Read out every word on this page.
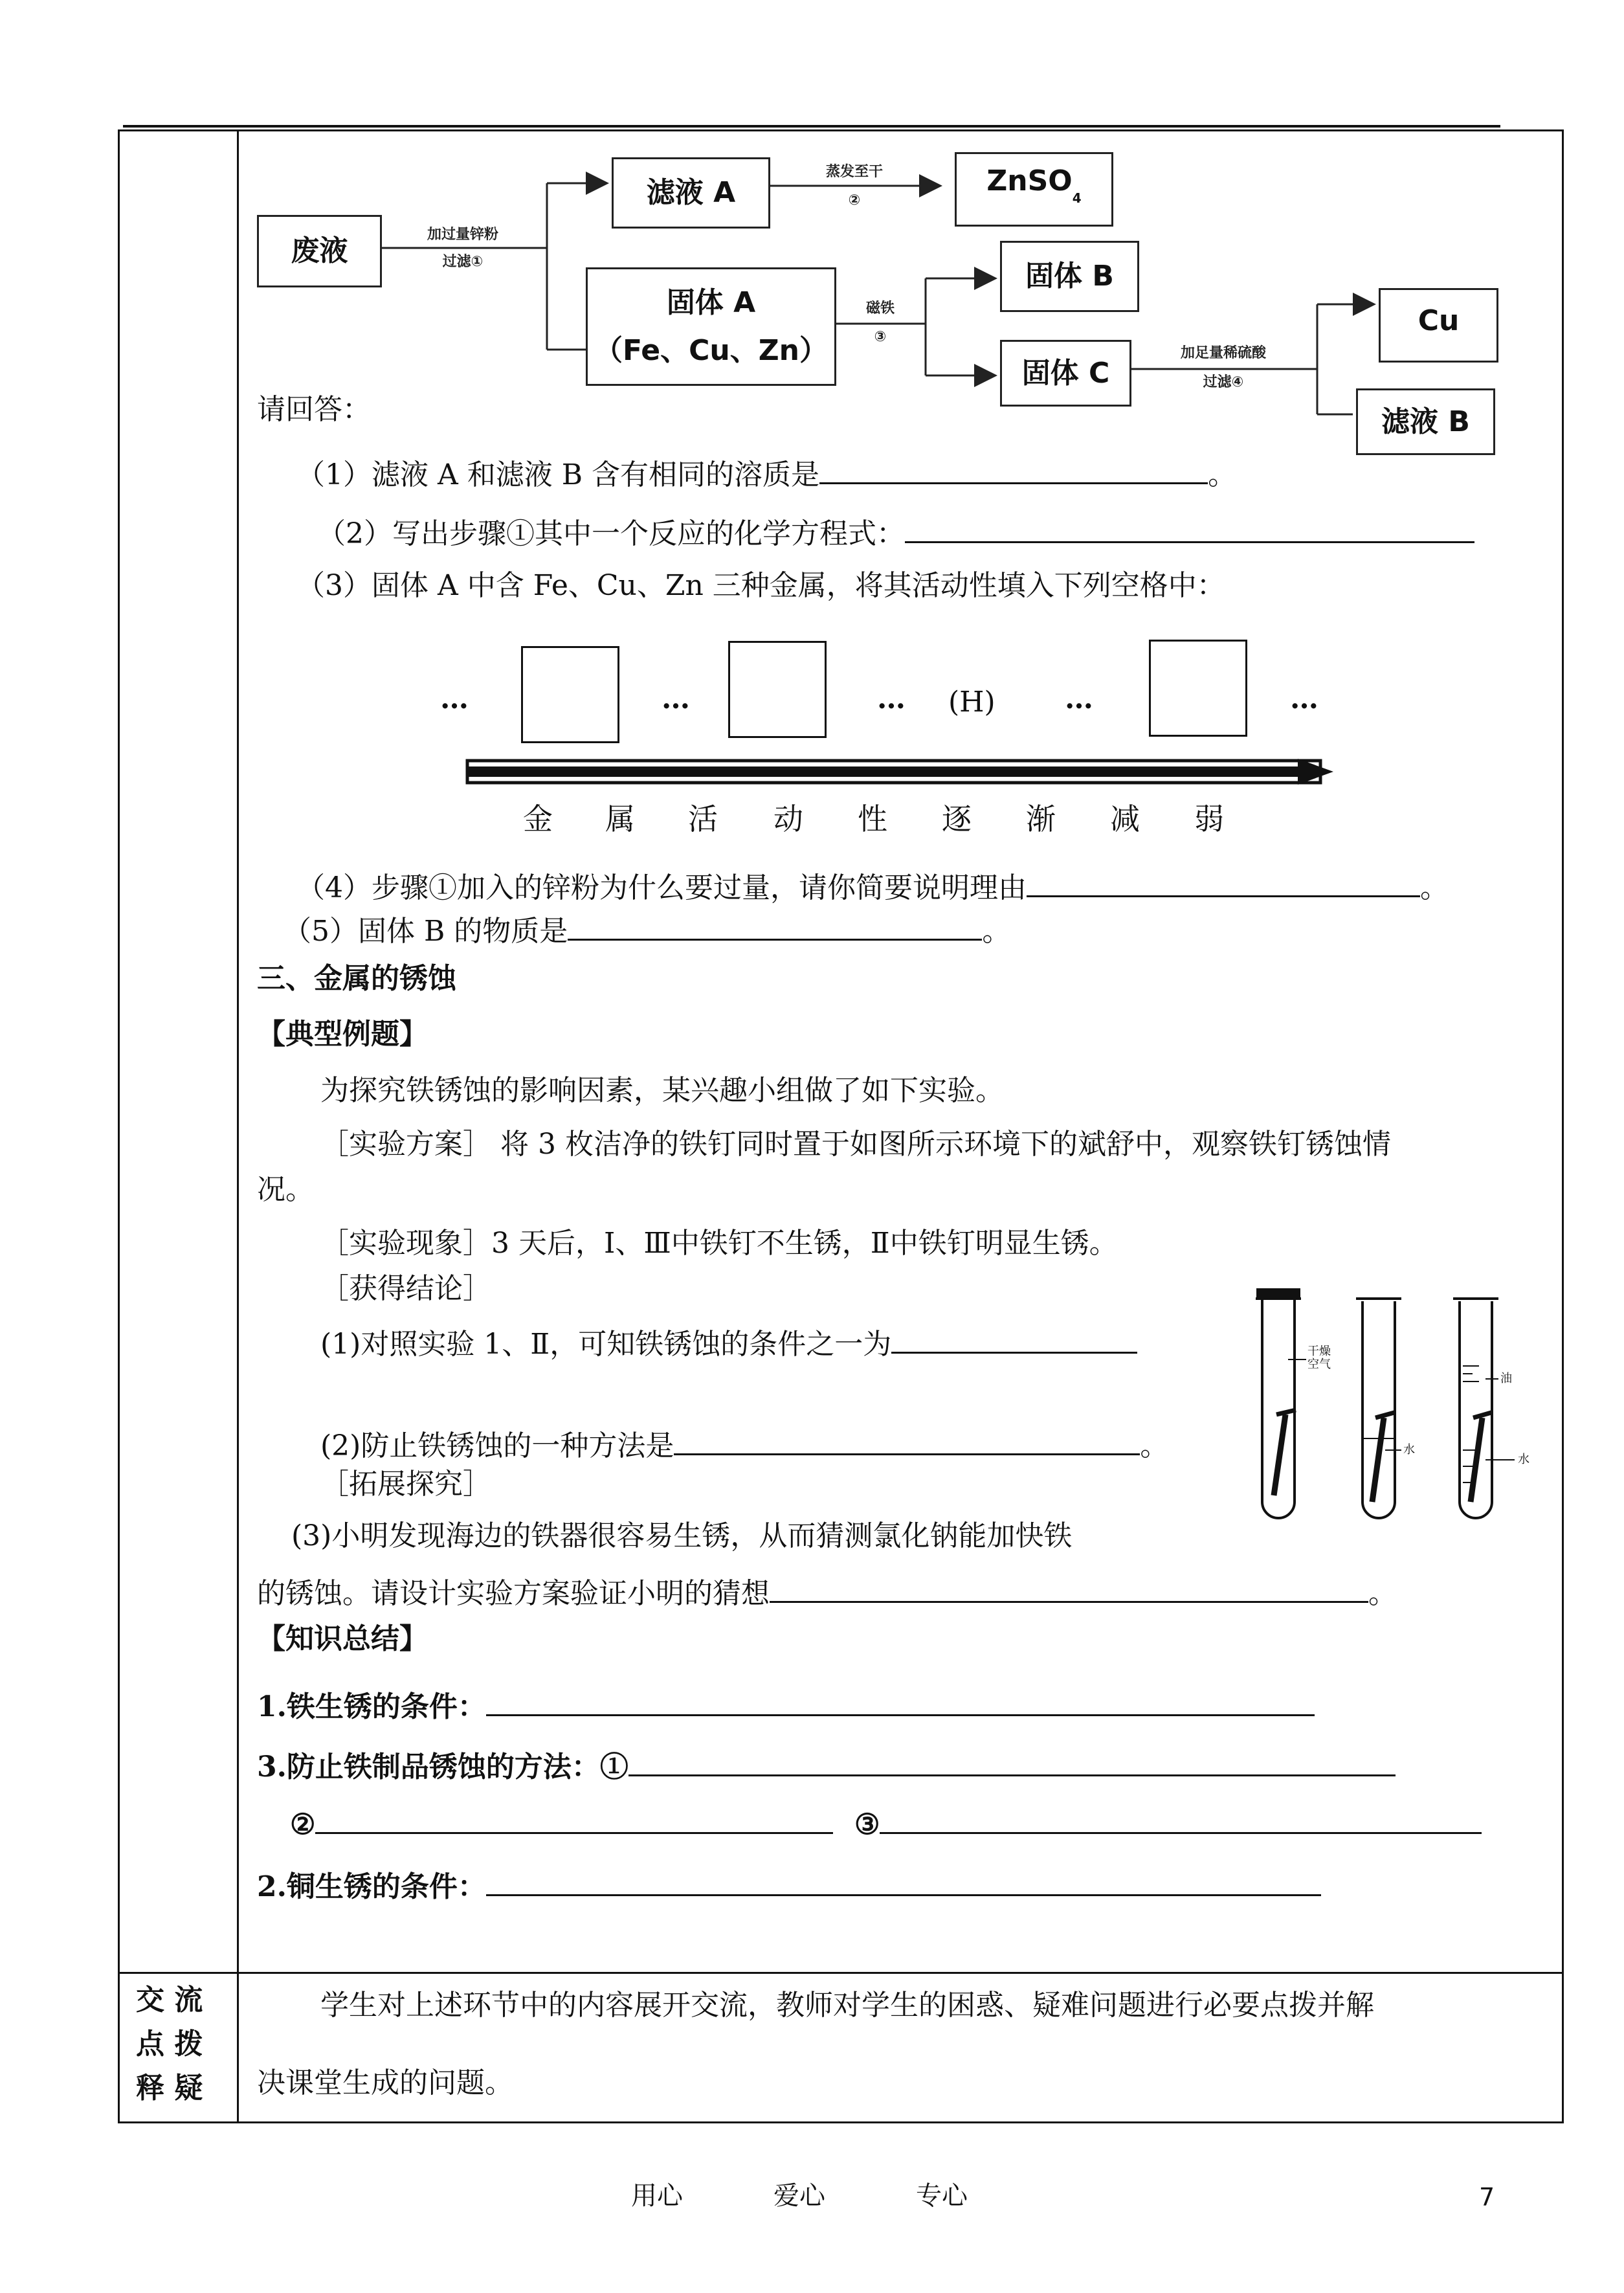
废液	加过量锌粉
过滤①
滤液 A
蒸发至干
②
ZnSO
4
固体 A
（Fe、Cu、Zn）
磁铁
③
固体 B
固体 C
加足量稀硫酸
过滤④
Cu
滤液 B
请回答：
（1）滤液 A 和滤液 B 含有相同的溶质是	。
（2）写出步骤①其中一个反应的化学方程式：
（3）固体 A 中含 Fe、Cu、Zn 三种金属，将其活动性填入下列空格中：
…	…	… (H) …	…
金 属 活 动 性 逐 渐 减 弱
（4）步骤①加入的锌粉为什么要过量，请你简要说明理由	。
（5）固体 B 的物质是	。
三、金属的锈蚀
【典型例题】
为探究铁锈蚀的影响因素，某兴趣小组做了如下实验。
［实验方案］ 将 3 枚洁净的铁钉同时置于如图所示环境下的斌舒中，观察铁钉锈蚀情
况。
［实验现象］3 天后，Ⅰ、Ⅲ中铁钉不生锈，Ⅱ中铁钉明显生锈。
［获得结论］
(1)对照实验 1、Ⅱ，可知铁锈蚀的条件之一为
(2)防止铁锈蚀的一种方法是	。
［拓展探究］
(3)小明发现海边的铁器很容易生锈，从而猜测氯化钠能加快铁
的锈蚀。请设计实验方案验证小明的猜想	。
干燥
空气
水
油
水
【知识总结】
1.铁生锈的条件：
3.防止铁制品锈蚀的方法：①
②	③
2.铜生锈的条件：
交 流
点 拨
释 疑
学生对上述环节中的内容展开交流，教师对学生的困惑、疑难问题进行必要点拨并解
决课堂生成的问题。
用心	爱心	专心	7
